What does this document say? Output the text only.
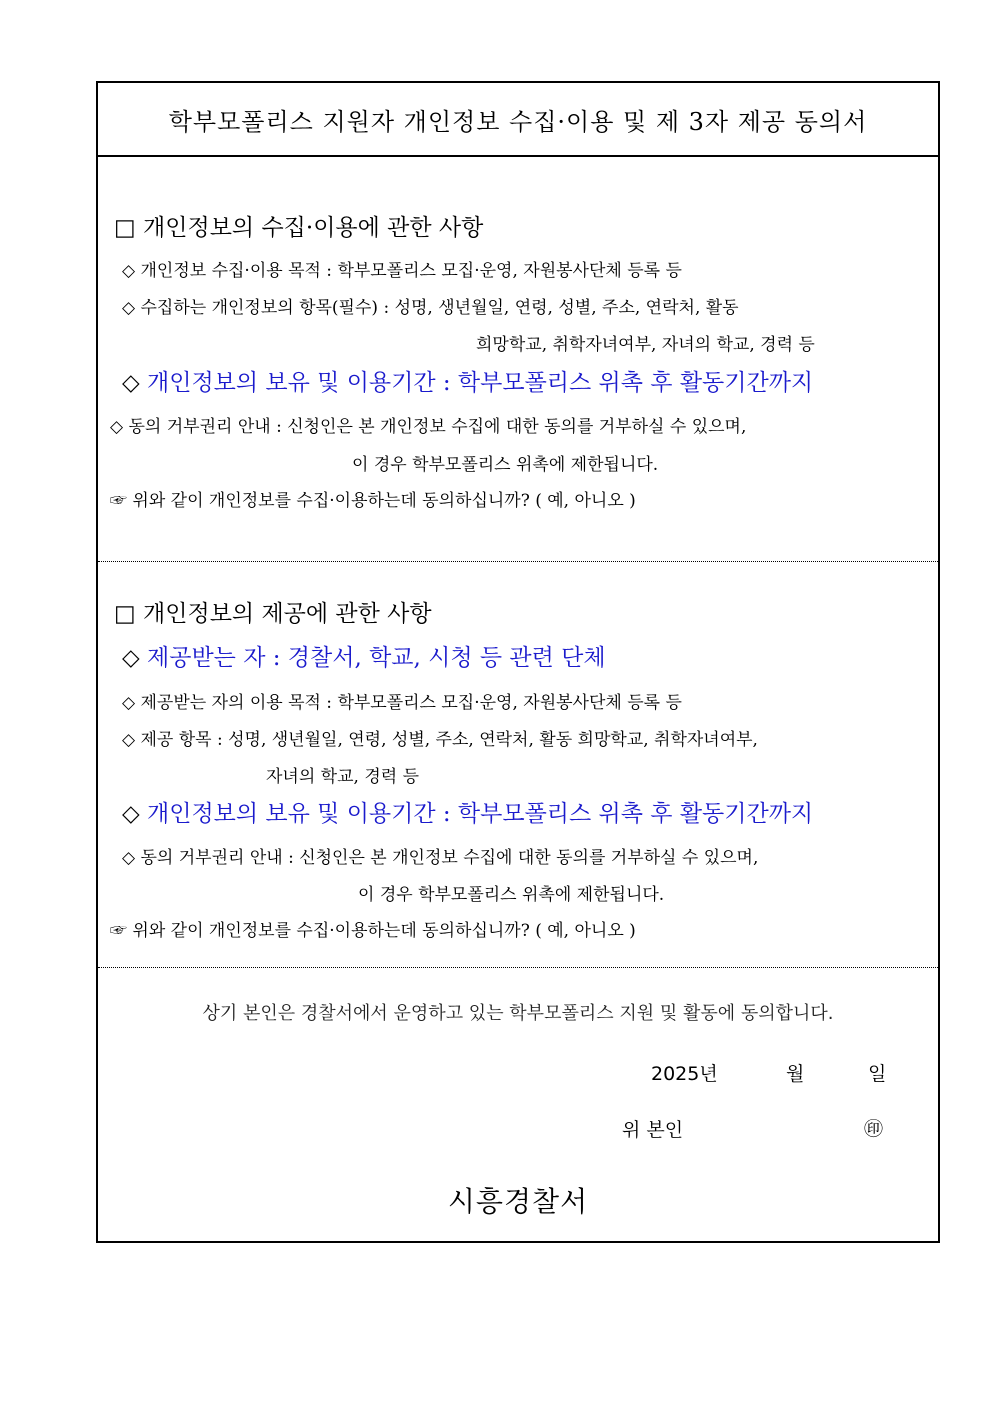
학부모폴리스 지원자 개인정보 수집·이용 및 제 3자 제공 동의서
□ 개인정보의 수집·이용에 관한 사항
◇ 개인정보 수집·이용 목적 : 학부모폴리스 모집·운영, 자원봉사단체 등록 등
◇ 수집하는 개인정보의 항목(필수) : 성명, 생년월일, 연령, 성별, 주소, 연락처, 활동
희망학교, 취학자녀여부, 자녀의 학교, 경력 등
◇ 개인정보의 보유 및 이용기간 : 학부모폴리스 위촉 후 활동기간까지
◇ 동의 거부권리 안내 : 신청인은 본 개인정보 수집에 대한 동의를 거부하실 수 있으며,
이 경우 학부모폴리스 위촉에 제한됩니다.
☞ 위와 같이 개인정보를 수집·이용하는데 동의하십니까? ( 예, 아니오 )
□ 개인정보의 제공에 관한 사항
◇ 제공받는 자 : 경찰서, 학교, 시청 등 관련 단체
◇ 제공받는 자의 이용 목적 : 학부모폴리스 모집·운영, 자원봉사단체 등록 등
◇ 제공 항목 : 성명, 생년월일, 연령, 성별, 주소, 연락처, 활동 희망학교, 취학자녀여부,
자녀의 학교, 경력 등
◇ 개인정보의 보유 및 이용기간 : 학부모폴리스 위촉 후 활동기간까지
◇ 동의 거부권리 안내 : 신청인은 본 개인정보 수집에 대한 동의를 거부하실 수 있으며,
이 경우 학부모폴리스 위촉에 제한됩니다.
☞ 위와 같이 개인정보를 수집·이용하는데 동의하십니까? ( 예, 아니오 )
상기 본인은 경찰서에서 운영하고 있는 학부모폴리스 지원 및 활동에 동의합니다.
2025년	월	일
위 본인	㊞
시흥경찰서
